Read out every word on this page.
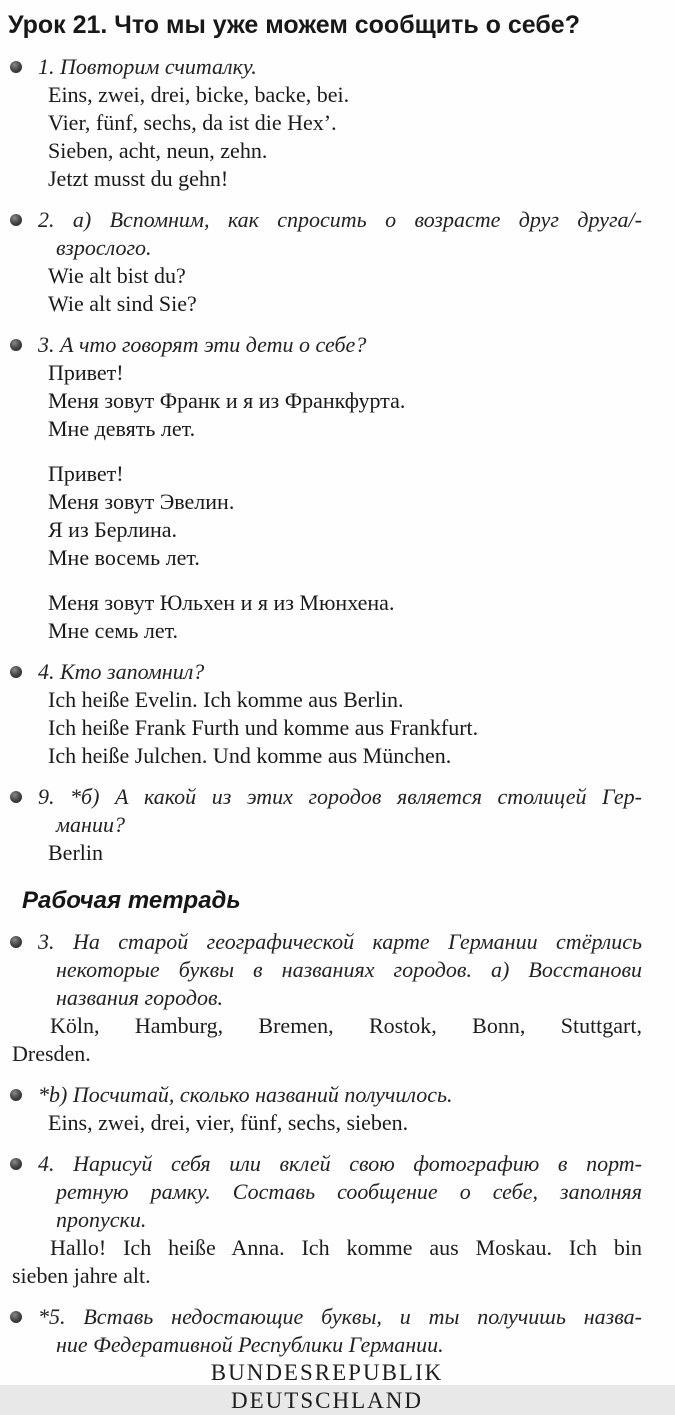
Урок 21. Что мы уже можем сообщить о себе?
1. Повторим считалку.
Eins, zwei, drei, bicke, backe, bei.
Vier, fünf, sechs, da ist die Hex’.
Sieben, acht, neun, zehn.
Jetzt musst du gehn!
2. а) Вспомним, как спросить о возрасте друг друга/-
взрослого.
Wie alt bist du?
Wie alt sind Sie?
3. А что говорят эти дети о себе?
Привет!
Меня зовут Франк и я из Франкфурта.
Мне девять лет.
Привет!
Меня зовут Эвелин.
Я из Берлина.
Мне восемь лет.
Меня зовут Юльхен и я из Мюнхена.
Мне семь лет.
4. Кто запомнил?
Ich heiße Evelin. Ich komme aus Berlin.
Ich heiße Frank Furth und komme aus Frankfurt.
Ich heiße Julchen. Und komme aus München.
9. *б) А какой из этих городов является столицей Гер-
мании?
Berlin
Рабочая тетрадь
3. На старой географической карте Германии стёрлись
некоторые буквы в названиях городов. а) Восстанови
названия городов.
Köln, Hamburg, Bremen, Rostok, Bonn, Stuttgart,
Dresden.
*b) Посчитай, сколько названий получилось.
Eins, zwei, drei, vier, fünf, sechs, sieben.
4. Нарисуй себя или вклей свою фотографию в порт-
ретную рамку. Составь сообщение о себе, заполняя
пропуски.
Hallo! Ich heiße Anna. Ich komme aus Moskau. Ich bin
sieben jahre alt.
*5. Вставь недостающие буквы, и ты получишь назва-
ние Федеративной Республики Германии.
BUNDESREPUBLIK
DEUTSCHLAND
